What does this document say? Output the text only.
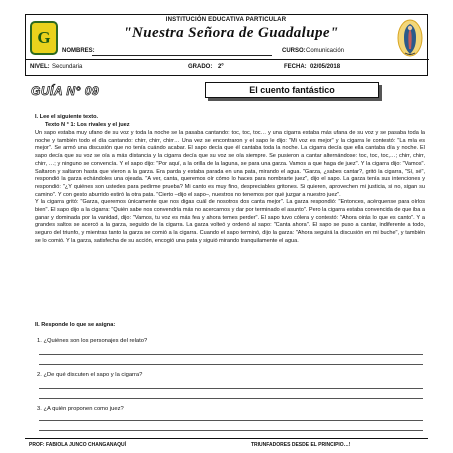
G
INSTITUCIÓN EDUCATIVA PARTICULAR
"Nuestra Señora de Guadalupe"
NOMBRES:	CURSO: Comunicación
NIVEL: Secundaria	GRADO: 2º	FECHA: 02/05/2018
GUÍA N° 09	El cuento fantástico
I. Lee el siguiente texto.
Texto N ° 1: Los rivales y el juez

Un sapo estaba muy ufano de su voz y toda la noche se la pasaba cantando: toc, toc, toc… y una cigarra estaba más ufana de su voz y se pasaba toda la noche y también todo el día cantando: chirr, chirr, chirr… Una vez se encontraron y el sapo le dijo: "Mi voz es mejor" y la cigarra le contestó: "La mía es mejor". Se armó una discusión que no tenía cuándo acabar. El sapo decía que él cantaba toda la noche. La cigarra decía que ella cantaba día y noche. El sapo decía que su voz se oía a más distancia y la cigarra decía que su voz se oía siempre. Se pusieron a cantar alternándose: toc, toc, toc,…; chirr, chirr, chirr, …; y ninguno se convencía. Y el sapo dijo: "Por aquí, a la orilla de la laguna, se para una garza. Vamos a que haga de juez". Y la cigarra dijo: "Vamos". Saltaron y saltaron hasta que vieron a la garza. Era parda y estaba parada en una pata, mirando el agua. "Garza, ¿sabes cantar?, gritó la cigarra, "Sí, sé", respondió la garza echándoles una ojeada. "A ver, canta, queremos oír cómo lo haces para nombrarte juez", dijo el sapo. La garza tenía sus intenciones y respondió: "¿Y quiénes son ustedes para pedirme prueba? Mi canto es muy fino, despreciables gritones. Si quieren, aprovechen mi justicia, si no, sigan su camino". Y con gesto aburrido estiró la otra pata. "Cierto –dijo el sapo–, nuestros no tenemos por qué juzgar a nuestro juez".

Y la cigarra gritó: "Garza, queremos únicamente que nos digas cuál de nosotros dos canta mejor". La garza respondió: "Entonces, acérquense para oírlos bien". El sapo dijo a la cigarra: "Quién sabe nos convendría más no acercarnos y dar por terminado el asunto". Pero la cigarra estaba convencida de que iba a ganar y dominada por la vanidad, dijo: "Vamos, tu voz es más fea y ahora temes perder". El sapo tuvo cólera y contestó: "Ahora oirás lo que es canto". Y a grandes saltos se acercó a la garza, seguido de la cigarra. La garza volteó y ordenó al sapo: "Canta ahora". El sapo se puso a cantar, indiferente a todo, seguro del triunfo, y mientras tanto la garza se comió a la cigarra. Cuando el sapo terminó, dijo la garza: "Ahora seguirá la discusión en mi buche", y también se lo comió. Y la garza, satisfecha de su acción, encogió una pata y siguió mirando tranquilamente el agua.

II. Responde lo que se asigna:
1. ¿Quiénes son los personajes del relato?
2. ¿De qué discuten el sapo y la cigarra?
3. ¿A quién proponen como juez?
PROF: FABIOLA JUNCO CHANGANAQUÍ	TRIUNFADORES DESDE EL PRINCIPIO…!
